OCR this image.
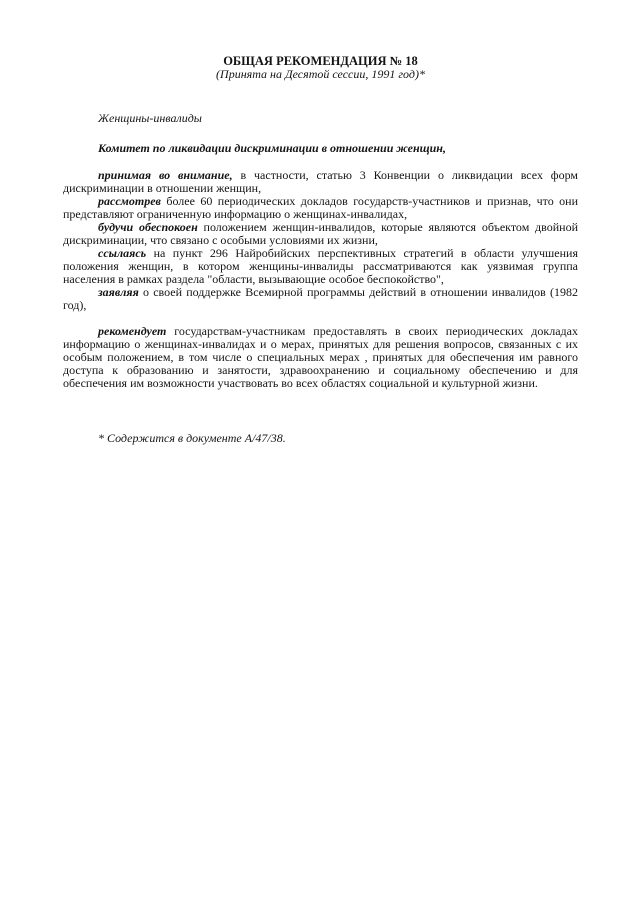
ОБЩАЯ РЕКОМЕНДАЦИЯ № 18
(Принята на Десятой сессии, 1991 год)*

Женщины-инвалиды

Комитет по ликвидации дискриминации в отношении женщин,

принимая во внимание, в частности, статью 3 Конвенции о ликвидации всех форм дискриминации в отношении женщин,

рассмотрев более 60 периодических докладов государств-участников и признав, что они представляют ограниченную информацию о женщинах-инвалидах,

будучи обеспокоен положением женщин-инвалидов, которые являются объектом двойной дискриминации, что связано с особыми условиями их жизни,

ссылаясь на пункт 296 Найробийских перспективных стратегий в области улучшения положения женщин, в котором женщины-инвалиды рассматриваются как уязвимая группа населения в рамках раздела "области, вызывающие особое беспокойство",

заявляя о своей поддержке Всемирной программы действий в отношении инвалидов (1982 год),

рекомендует государствам-участникам предоставлять в своих периодических докладах информацию о женщинах-инвалидах и о мерах, принятых для решения вопросов, связанных с их особым положением, в том числе о специальных мерах , принятых для обеспечения им равного доступа к образованию и занятости, здравоохранению и социальному обеспечению и для обеспечения им возможности участвовать во всех областях социальной и культурной жизни.

* Содержится в документе А/47/38.
